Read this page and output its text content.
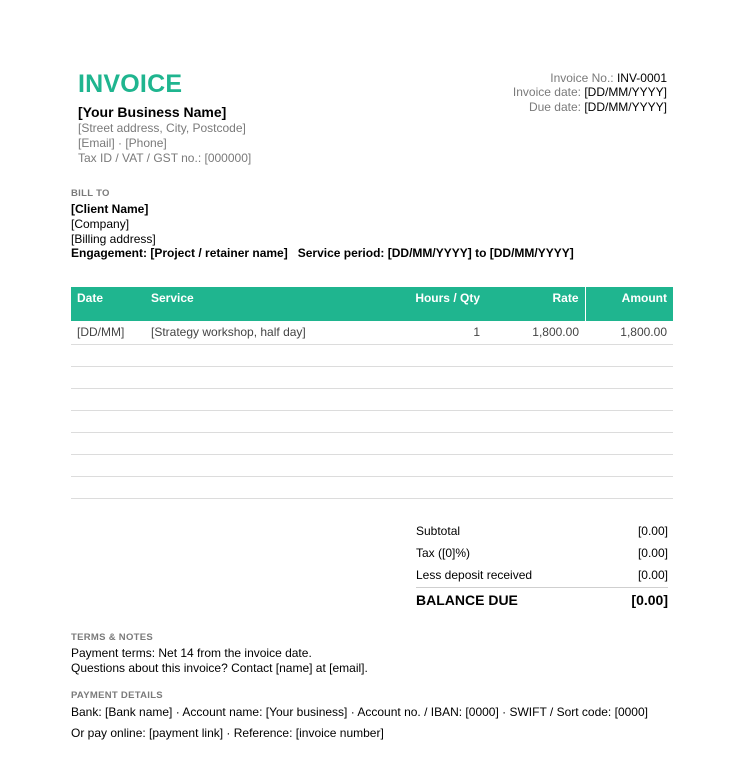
INVOICE
[Your Business Name]
[Street address, City, Postcode]
[Email] · [Phone]
Tax ID / VAT / GST no.: [000000]
Invoice No.: INV-0001
Invoice date: [DD/MM/YYYY]
Due date: [DD/MM/YYYY]
BILL TO
[Client Name]
[Company]
[Billing address]
Engagement: [Project / retainer name]   Service period: [DD/MM/YYYY] to [DD/MM/YYYY]
Date	Service	Hours / Qty	Rate	Amount
[DD/MM]	[Strategy workshop, half day]	1	1,800.00	1,800.00

Subtotal	[0.00]
Tax ([0]%)	[0.00]
Less deposit received	[0.00]
BALANCE DUE	[0.00]
TERMS & NOTES
Payment terms: Net 14 from the invoice date.
Questions about this invoice? Contact [name] at [email].
PAYMENT DETAILS
Bank: [Bank name] · Account name: [Your business] · Account no. / IBAN: [0000] · SWIFT / Sort code: [0000]
Or pay online: [payment link] · Reference: [invoice number]
